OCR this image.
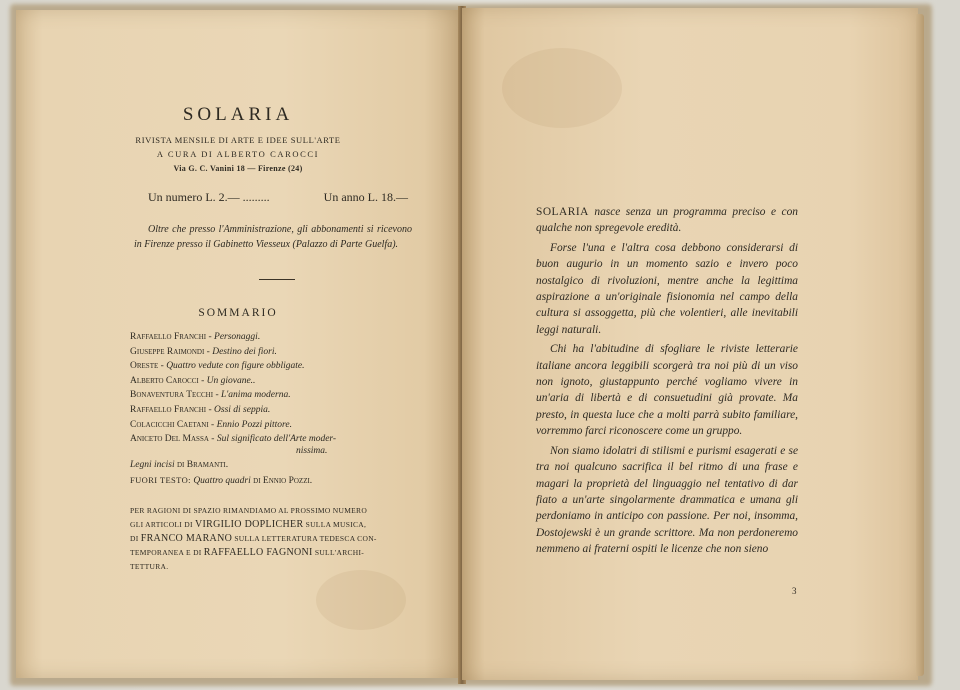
SOLARIA
RIVISTA MENSILE DI ARTE E IDEE SULL'ARTE
A CURA DI ALBERTO CAROCCI
Via G. C. Vanini 18 — Firenze (24)
Un numero L. 2.— .........	Un anno L. 18.—
Oltre che presso l'Amministrazione, gli abbonamenti si ricevono in Firenze presso il Gabinetto Viesseux (Palazzo di Parte Guelfa).
SOMMARIO
Raffaello Franchi - Personaggi.
Giuseppe Raimondi - Destino dei fiori.
Oreste - Quattro vedute con figure obbligate.
Alberto Carocci - Un giovane..
Bonaventura Tecchi - L'anima moderna.
Raffaello Franchi - Ossi di seppia.
Colacicchi Caetani - Ennio Pozzi pittore.
Aniceto Del Massa - Sul significato dell'Arte moder-
nissima.
Legni incisi di Bramanti.
FUORI TESTO: Quattro quadri di Ennio Pozzi.
PER RAGIONI DI SPAZIO RIMANDIAMO AL PROSSIMO NUMERO
GLI ARTICOLI DI VIRGILIO DOPLICHER SULLA MUSICA,
DI FRANCO MARANO SULLA LETTERATURA TEDESCA CON-
TEMPORANEA E DI RAFFAELLO FAGNONI SULL'ARCHI-
TETTURA.

SOLARIA nasce senza un programma preciso e con qualche non spregevole eredità.

Forse l'una e l'altra cosa debbono considerarsi di buon augurio in un momento sazio e invero poco nostalgico di rivoluzioni, mentre anche la legittima aspirazione a un'originale fisionomia nel campo della cultura si assoggetta, più che volentieri, alle inevitabili leggi naturali.

Chi ha l'abitudine di sfogliare le riviste letterarie italiane ancora leggibili scorgerà tra noi più di un viso non ignoto, giustappunto perché vogliamo vivere in un'aria di libertà e di consuetudini già provate. Ma presto, in questa luce che a molti parrà subito familiare, vorremmo farci riconoscere come un gruppo.

Non siamo idolatri di stilismi e purismi esagerati e se tra noi qualcuno sacrifica il bel ritmo di una frase e magari la proprietà del linguaggio nel tentativo di dar fiato a un'arte singolarmente drammatica e umana gli perdoniamo in anticipo con passione. Per noi, insomma, Dostojewski è un grande scrittore. Ma non perdoneremo nemmeno ai fraterni ospiti le licenze che non sieno

3
